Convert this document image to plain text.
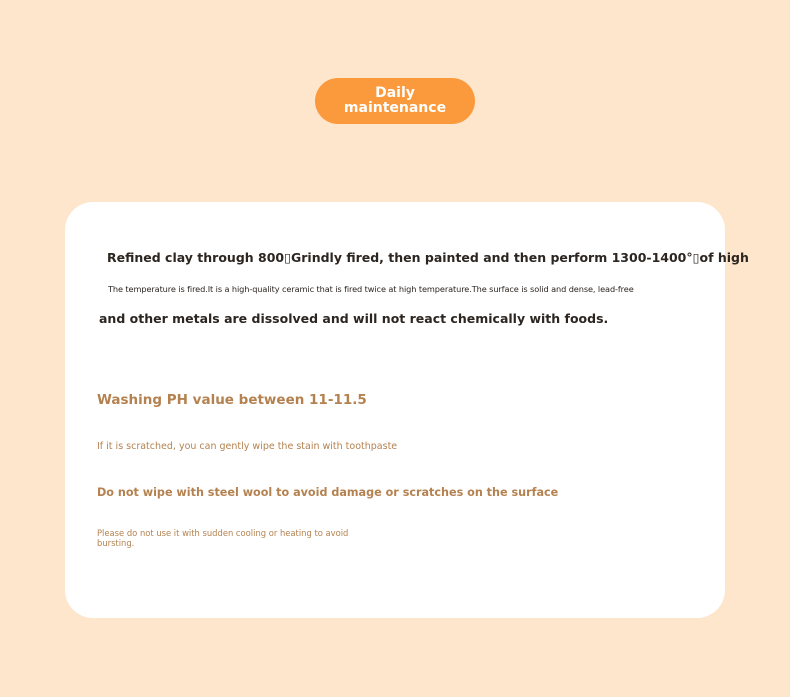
Daily maintenance

Refined clay through 800▯Grindly fired, then painted and then perform 1300-1400°▯of high

The temperature is fired.It is a high-quality ceramic that is fired twice at high temperature.The surface is solid and dense, lead-free

and other metals are dissolved and will not react chemically with foods.

Washing PH value between 11-11.5

If it is scratched, you can gently wipe the stain with toothpaste

Do not wipe with steel wool to avoid damage or scratches on the surface

Please do not use it with sudden cooling or heating to avoid bursting.
